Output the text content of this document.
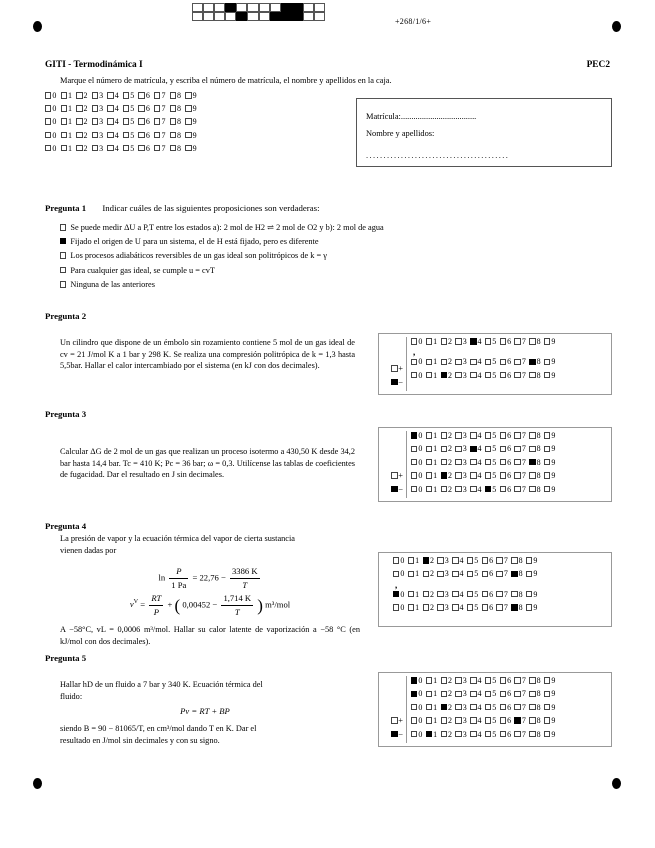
+268/1/6+
GITI - Termodinámica I	PEC2
Marque el número de matrícula, y escriba el número de matrícula, el nombre y apellidos en la caja.
0 1 2 3 4 5 6 7 8 9
0 1 2 3 4 5 6 7 8 9
0 1 2 3 4 5 6 7 8 9
0 1 2 3 4 5 6 7 8 9
0 1 2 3 4 5 6 7 8 9
Matrícula:....................................
Nombre y apellidos:
.........................................
Pregunta 1 Indicar cuáles de las siguientes proposiciones son verdaderas:
Se puede medir ΔU a P,T entre los estados a): 2 mol de H2 ⇌ 2 mol de O2 y b): 2 mol de agua
Fijado el origen de U para un sistema, el de H está fijado, pero es diferente
Los procesos adiabáticos reversibles de un gas ideal son politrópicos de k = γ
Para cualquier gas ideal, se cumple u = cvT
Ninguna de las anteriores
Pregunta 2
Un cilindro que dispone de un émbolo sin rozamiento contiene 5 mol de un gas ideal de cv = 21 J/mol K a 1 bar y 298 K. Se realiza una compresión politrópica de k = 1,3 hasta 5,5bar. Hallar el calor intercambiado por el sistema (en kJ con dos decimales).	+
−
0 1 2 3 4 5 6 7 8 9
,
0 1 2 3 4 5 6 7 8 9
0 1 2 3 4 5 6 7 8 9
Pregunta 3
Calcular ΔG de 2 mol de un gas que realizan un proceso isotermo a 430,50 K desde 34,2 bar hasta 14,4 bar. Tc = 410 K; Pc = 36 bar; ω = 0,3. Utilícense las tablas de coeficientes de fugacidad. Dar el resultado en J sin decimales.	+
−
0 1 2 3 4 5 6 7 8 9
0 1 2 3 4 5 6 7 8 9
0 1 2 3 4 5 6 7 8 9
0 1 2 3 4 5 6 7 8 9
0 1 2 3 4 5 6 7 8 9
Pregunta 4
La presión de vapor y la ecuación térmica del vapor de cierta sustancia
vienen dadas por
$\ln \frac{P}{1 Pa} = 22,76 - \frac{3386 K}{T}$
$v^V = \frac{RT}{P}$ + ( $0,00452 - \frac{1,714 K}{T}$ ) m³/mol
A −58°C, vL = 0,0006 m³/mol. Hallar su calor latente de vaporización a −58 °C (en kJ/mol con dos decimales).
0 1 2 3 4 5 6 7 8 9
0 1 2 3 4 5 6 7 8 9
,
0 1 2 3 4 5 6 7 8 9
0 1 2 3 4 5 6 7 8 9
Pregunta 5
Hallar hD de un fluido a 7 bar y 340 K. Ecuación térmica del
fluido:
Pv = RT + BP
siendo B = 90 − 81065/T, en cm³/mol dando T en K. Dar el
resultado en J/mol sin decimales y con su signo.
+
−
0 1 2 3 4 5 6 7 8 9
0 1 2 3 4 5 6 7 8 9
0 1 2 3 4 5 6 7 8 9
0 1 2 3 4 5 6 7 8 9
0 1 2 3 4 5 6 7 8 9
